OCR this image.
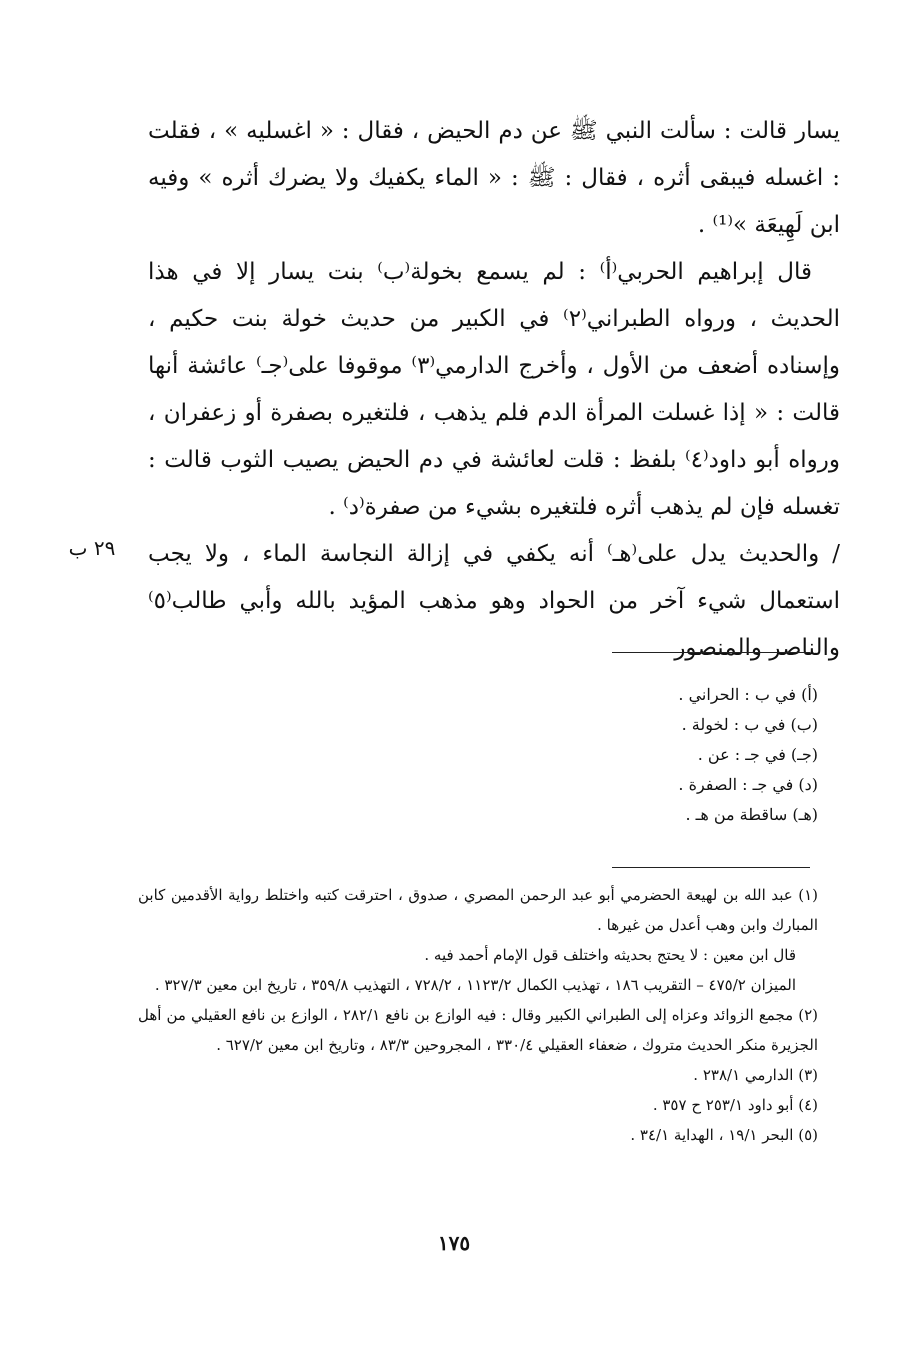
يسار قالت : سألت النبي ﷺ عن دم الحيض ، فقال : « اغسليه » ، فقلت : اغسله فيبقى أثره ، فقال : ﷺ : « الماء يكفيك ولا يضرك أثره » وفيه ابن لَهِيعَة »⁽¹⁾ .

قال إبراهيم الحربي⁽أ⁾ : لم يسمع بخولة⁽ب⁾ بنت يسار إلا في هذا الحديث ، ورواه الطبراني⁽٢⁾ في الكبير من حديث خولة بنت حكيم ، وإسناده أضعف من الأول ، وأخرج الدارمي⁽٣⁾ موقوفا على⁽جـ⁾ عائشة أنها قالت : « إذا غسلت المرأة الدم فلم يذهب ، فلتغيره بصفرة أو زعفران ، ورواه أبو داود⁽٤⁾ بلفظ : قلت لعائشة في دم الحيض يصيب الثوب قالت : تغسله فإن لم يذهب أثره فلتغيره بشيء من صفرة⁽د⁾ .

/ والحديث يدل على⁽هـ⁾ أنه يكفي في إزالة النجاسة الماء ، ولا يجب استعمال شيء آخر من الحواد وهو مذهب المؤيد بالله وأبي طالب⁽٥⁾ والناصر والمنصور

٢٩ ب
(أ) في ب : الحراني .
(ب) في ب : لخولة .
(جـ) في جـ : عن .
(د) في جـ : الصفرة .
(هـ) ساقطة من هـ .

(١) عبد الله بن لهيعة الحضرمي أبو عبد الرحمن المصري ، صدوق ، احترقت كتبه واختلط رواية الأقدمين كابن المبارك وابن وهب أعدل من غيرها .

قال ابن معين : لا يحتج بحديثه واختلف قول الإمام أحمد فيه .

الميزان ٤٧٥/٢ – التقريب ١٨٦ ، تهذيب الكمال ١١٢٣/٢ ، ٧٢٨/٢ ، التهذيب ٣٥٩/٨ ، تاريخ ابن معين ٣٢٧/٣ .

(٢) مجمع الزوائد وعزاه إلى الطبراني الكبير وقال : فيه الوازع بن نافع ٢٨٢/١ ، الوازع بن نافع العقيلي من أهل الجزيرة منكر الحديث متروك ، ضعفاء العقيلي ٣٣٠/٤ ، المجروحين ٨٣/٣ ، وتاريخ ابن معين ٦٢٧/٢ .

(٣) الدارمي ٢٣٨/١ .

(٤) أبو داود ٢٥٣/١ ح ٣٥٧ .

(٥) البحر ١٩/١ ، الهداية ٣٤/١ .

١٧٥
